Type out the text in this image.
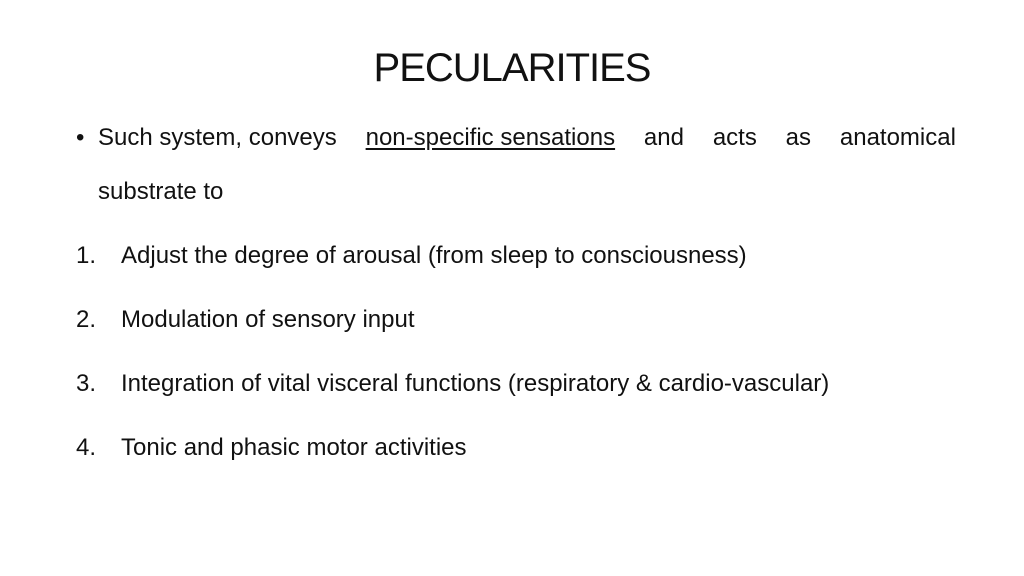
PECULARITIES
• Such system, conveys non-specific sensations and acts as anatomical
substrate to
1. Adjust the degree of arousal (from sleep to consciousness)
2. Modulation of sensory input
3. Integration of vital visceral functions (respiratory & cardio-vascular)
4. Tonic and phasic motor activities
